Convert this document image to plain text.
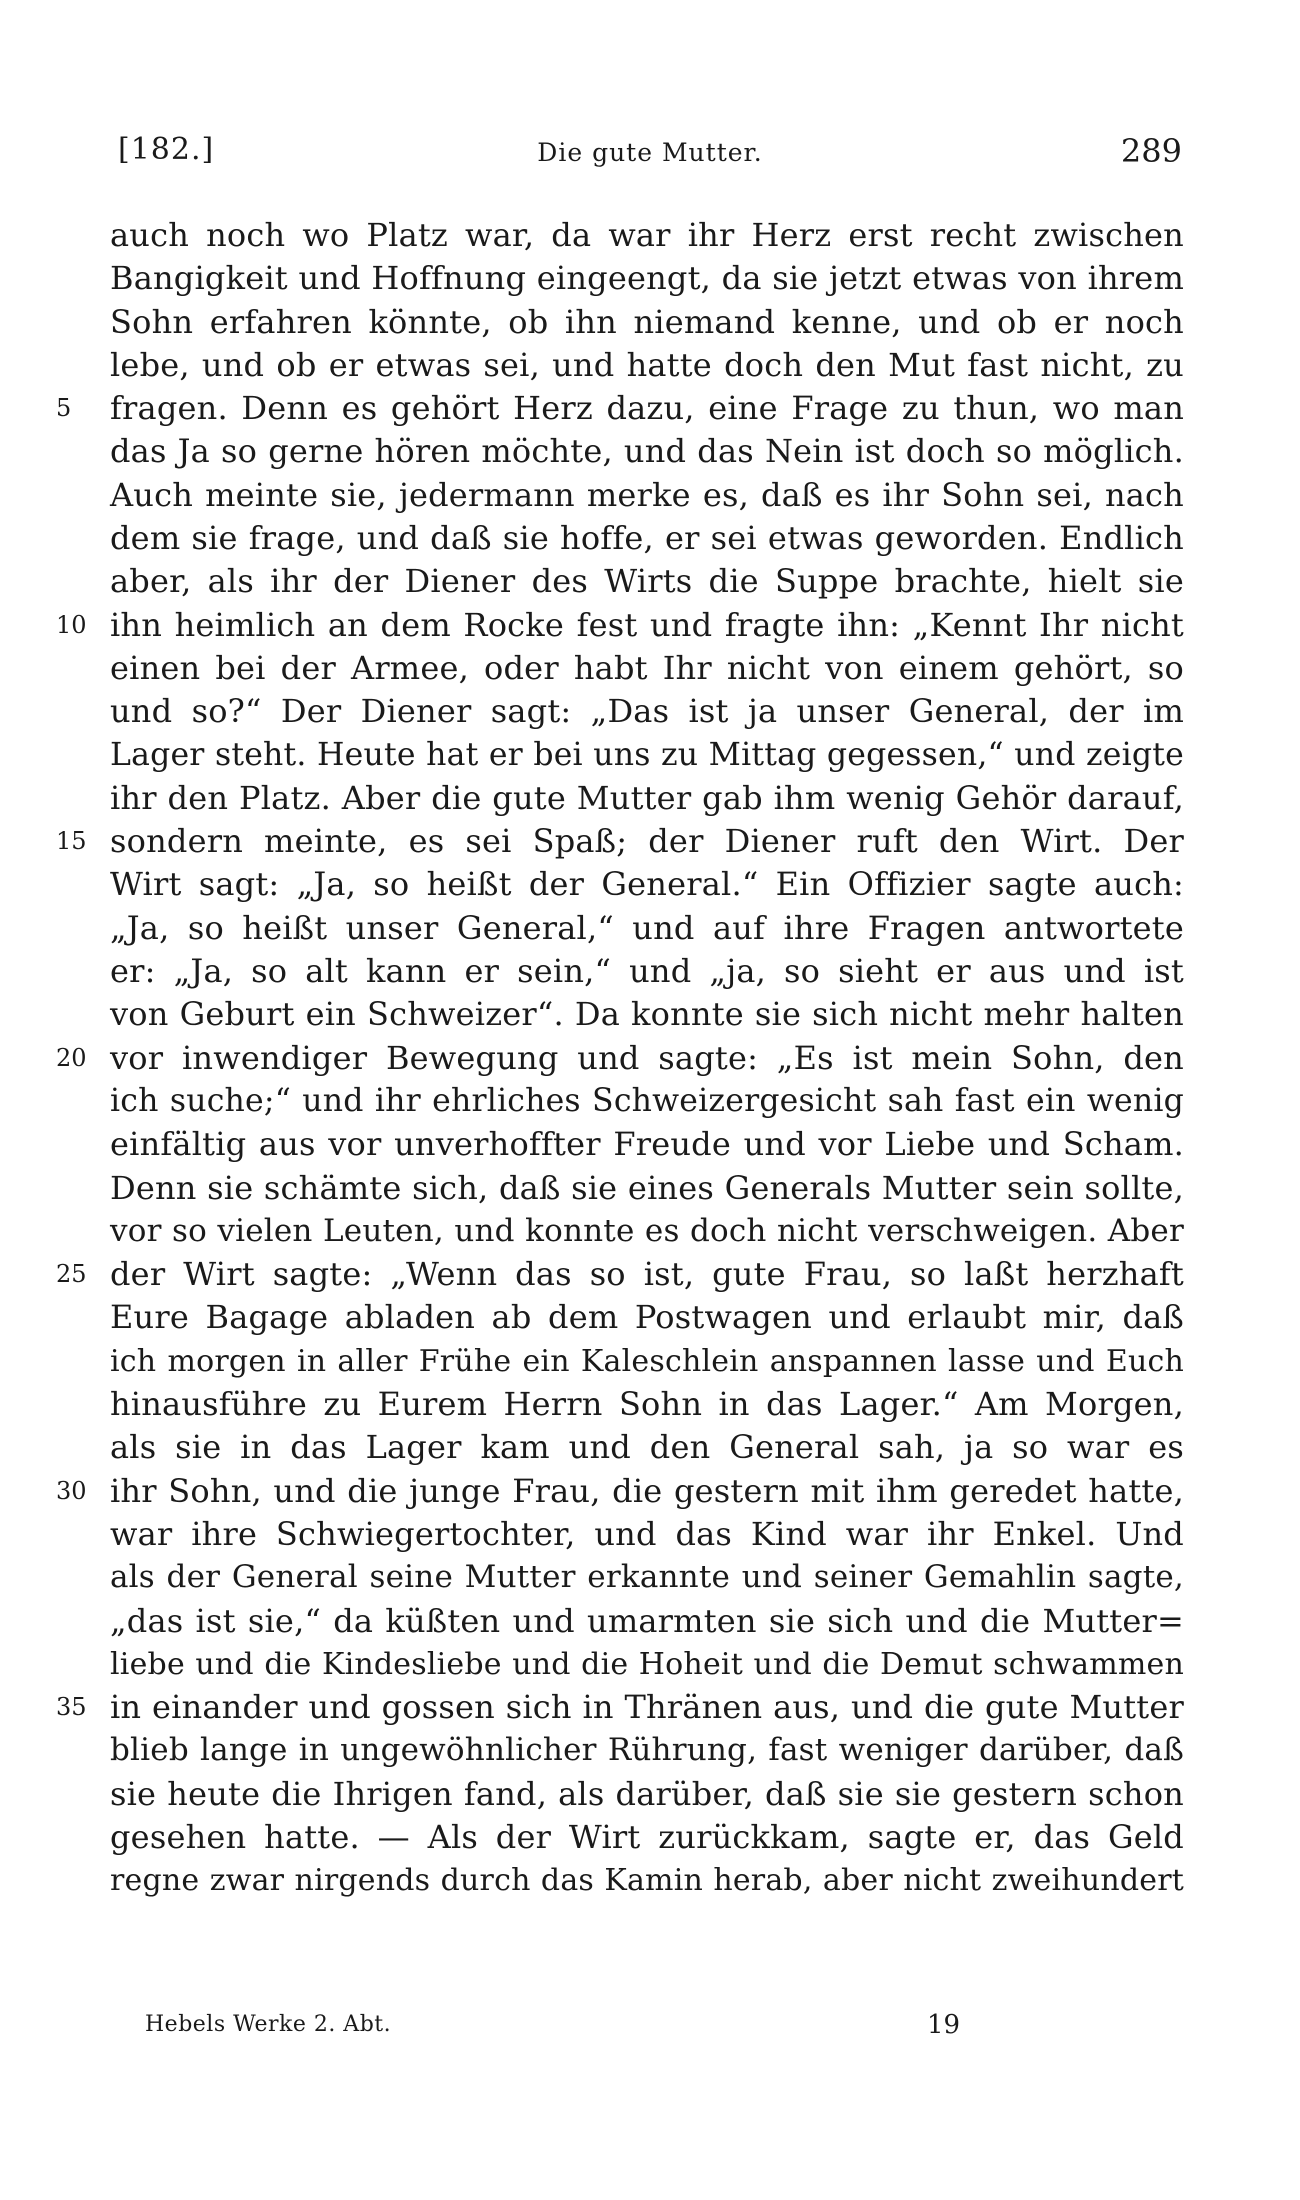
[182.]	Die gute Mutter.	289
auch noch wo Platz war, da war ihr Herz erst recht zwischen
Bangigkeit und Hoffnung eingeengt, da sie jetzt etwas von ihrem
Sohn erfahren könnte, ob ihn niemand kenne, und ob er noch
lebe, und ob er etwas sei, und hatte doch den Mut fast nicht, zu
5	fragen. Denn es gehört Herz dazu, eine Frage zu thun, wo man
das Ja so gerne hören möchte, und das Nein ist doch so möglich.
Auch meinte sie, jedermann merke es, daß es ihr Sohn sei, nach
dem sie frage, und daß sie hoffe, er sei etwas geworden. Endlich
aber, als ihr der Diener des Wirts die Suppe brachte, hielt sie
10 ihn heimlich an dem Rocke fest und fragte ihn: „Kennt Ihr nicht
einen bei der Armee, oder habt Ihr nicht von einem gehört, so
und so?“ Der Diener sagt: „Das ist ja unser General, der im
Lager steht. Heute hat er bei uns zu Mittag gegessen,“ und zeigte
ihr den Platz. Aber die gute Mutter gab ihm wenig Gehör darauf,
15 sondern meinte, es sei Spaß; der Diener ruft den Wirt. Der
Wirt sagt: „Ja, so heißt der General.“ Ein Offizier sagte auch:
„Ja, so heißt unser General,“ und auf ihre Fragen antwortete
er: „Ja, so alt kann er sein,“ und „ja, so sieht er aus und ist
von Geburt ein Schweizer“. Da konnte sie sich nicht mehr halten
20 vor inwendiger Bewegung und sagte: „Es ist mein Sohn, den
ich suche;“ und ihr ehrliches Schweizergesicht sah fast ein wenig
einfältig aus vor unverhoffter Freude und vor Liebe und Scham.
Denn sie schämte sich, daß sie eines Generals Mutter sein sollte,
vor so vielen Leuten, und konnte es doch nicht verschweigen. Aber
25 der Wirt sagte: „Wenn das so ist, gute Frau, so laßt herzhaft
Eure Bagage abladen ab dem Postwagen und erlaubt mir, daß
ich morgen in aller Frühe ein Kaleschlein anspannen lasse und Euch
hinausführe zu Eurem Herrn Sohn in das Lager.“ Am Morgen,
als sie in das Lager kam und den General sah, ja so war es
30 ihr Sohn, und die junge Frau, die gestern mit ihm geredet hatte,
war ihre Schwiegertochter, und das Kind war ihr Enkel. Und
als der General seine Mutter erkannte und seiner Gemahlin sagte,
„das ist sie,“ da küßten und umarmten sie sich und die Mutter=
liebe und die Kindesliebe und die Hoheit und die Demut schwammen
35 in einander und gossen sich in Thränen aus, und die gute Mutter
blieb lange in ungewöhnlicher Rührung, fast weniger darüber, daß
sie heute die Ihrigen fand, als darüber, daß sie sie gestern schon
gesehen hatte. — Als der Wirt zurückkam, sagte er, das Geld
regne zwar nirgends durch das Kamin herab, aber nicht zweihundert
Hebels Werke 2. Abt.	19
